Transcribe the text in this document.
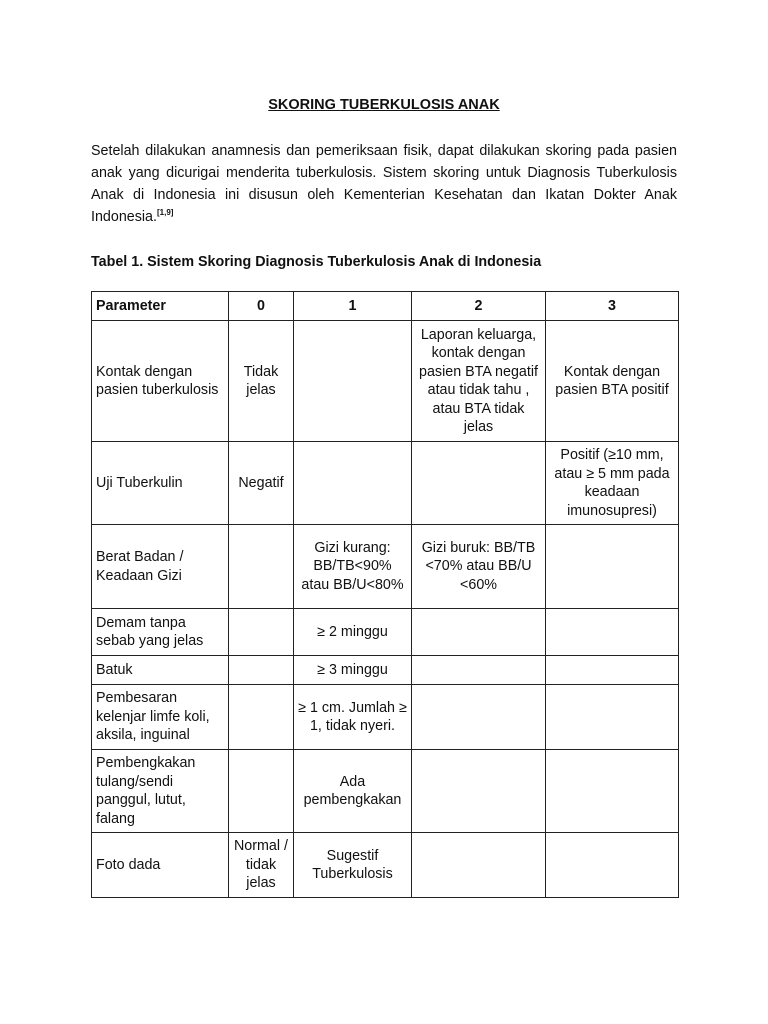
SKORING TUBERKULOSIS ANAK

Setelah dilakukan anamnesis dan pemeriksaan fisik, dapat dilakukan skoring pada pasien anak yang dicurigai menderita tuberkulosis. Sistem skoring untuk Diagnosis Tuberkulosis Anak di Indonesia ini disusun oleh Kementerian Kesehatan dan Ikatan Dokter Anak Indonesia.[1,9]

Tabel 1. Sistem Skoring Diagnosis Tuberkulosis Anak di Indonesia

Parameter	0	1	2	3
Kontak dengan pasien tuberkulosis	Tidak jelas		Laporan keluarga, kontak dengan pasien BTA negatif atau tidak tahu , atau BTA tidak jelas	Kontak dengan pasien BTA positif
Uji Tuberkulin	Negatif			Positif (≥10 mm, atau ≥ 5 mm pada keadaan imunosupresi)
Berat Badan / Keadaan Gizi		Gizi kurang: BB/TB<90% atau BB/U<80%	Gizi buruk: BB/TB <70% atau BB/U <60%	
Demam tanpa sebab yang jelas		≥ 2 minggu		
Batuk		≥ 3 minggu		
Pembesaran kelenjar limfe koli, aksila, inguinal		≥ 1 cm. Jumlah ≥ 1, tidak nyeri.		
Pembengkakan tulang/sendi panggul, lutut, falang		Ada pembengkakan		
Foto dada	Normal / tidak jelas	Sugestif Tuberkulosis		
